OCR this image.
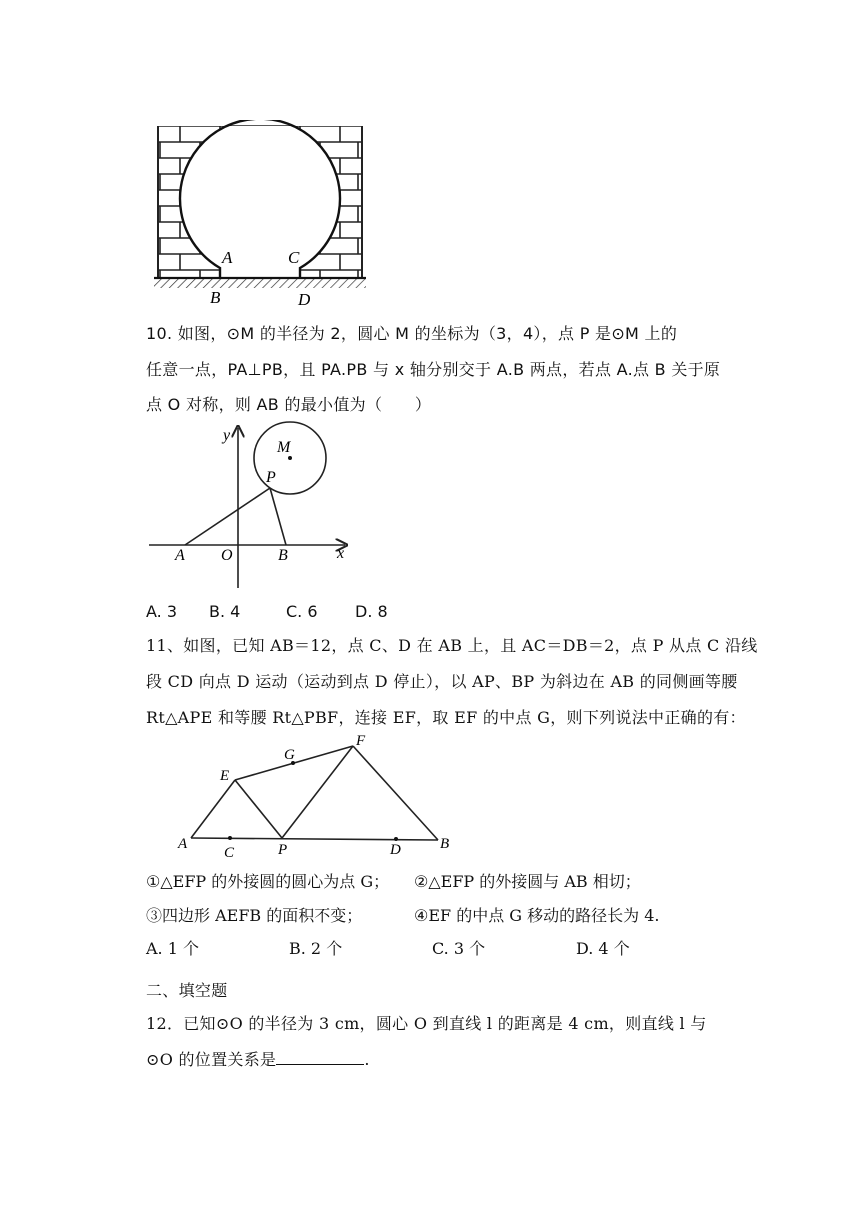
A	C
B	D
10. 如图，⊙M 的半径为 2，圆心 M 的坐标为（3，4），点 P 是⊙M 上的
任意一点，PA⊥PB，且 PA.PB 与 x 轴分别交于 A.B 两点，若点 A.点 B 关于原
点 O 对称，则 AB 的最小值为（　　）
y
M
P
A O	B	x
A. 3 B. 4	C. 6 D. 8
11、如图，已知 AB＝12，点 C、D 在 AB 上，且 AC＝DB＝2，点 P 从点 C 沿线
段 CD 向点 D 运动（运动到点 D 停止），以 AP、BP 为斜边在 AB 的同侧画等腰
Rt△APE 和等腰 Rt△PBF，连接 EF，取 EF 的中点 G，则下列说法中正确的有：
A
C	P	D	B
E
G
F
①△EFP 的外接圆的圆心为点 G； ②△EFP 的外接圆与 AB 相切；
③四边形 AEFB 的面积不变；	④EF 的中点 G 移动的路径长为 4.
A. 1 个	B. 2 个	C. 3 个	D. 4 个
二、填空题
12．已知⊙O 的半径为 3 cm，圆心 O 到直线 l 的距离是 4 cm，则直线 l 与
⊙O 的位置关系是	.
